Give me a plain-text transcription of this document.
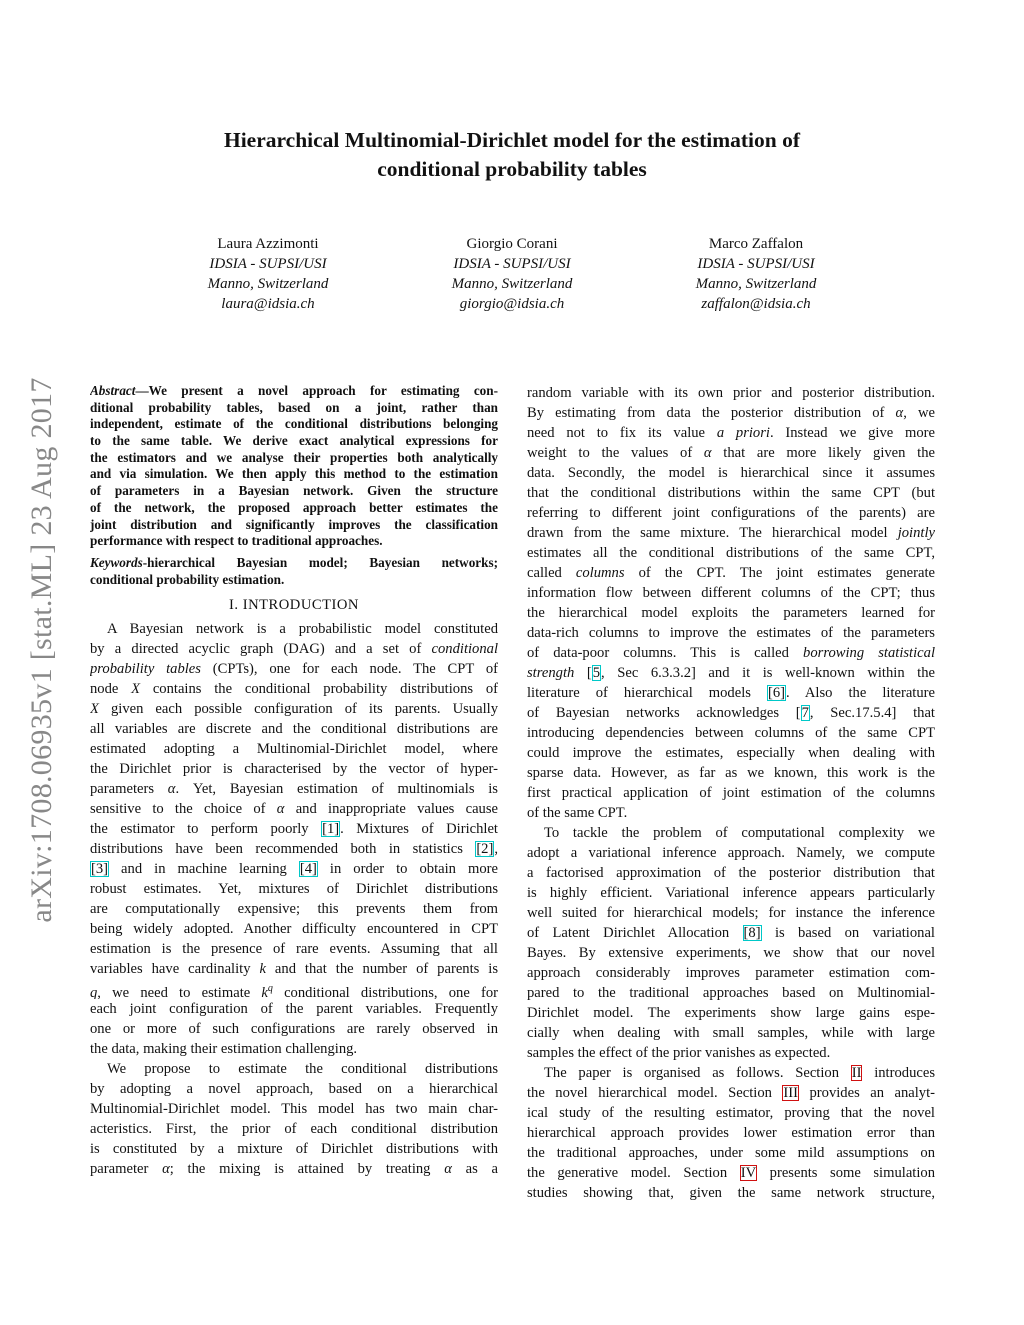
arXiv:1708.06935v1 [stat.ML] 23 Aug 2017
Hierarchical Multinomial-Dirichlet model for the estimation of
conditional probability tables
Laura Azzimonti
IDSIA - SUPSI/USI
Manno, Switzerland
laura@idsia.ch
Giorgio Corani
IDSIA - SUPSI/USI
Manno, Switzerland
giorgio@idsia.ch
Marco Zaffalon
IDSIA - SUPSI/USI
Manno, Switzerland
zaffalon@idsia.ch
Abstract—We present a novel approach for estimating con-
ditional probability tables, based on a joint, rather than
independent, estimate of the conditional distributions belonging
to the same table. We derive exact analytical expressions for
the estimators and we analyse their properties both analytically
and via simulation. We then apply this method to the estimation
of parameters in a Bayesian network. Given the structure
of the network, the proposed approach better estimates the
joint distribution and significantly improves the classification
performance with respect to traditional approaches.
Keywords-hierarchical Bayesian model; Bayesian networks;
conditional probability estimation.
I. INTRODUCTION
A Bayesian network is a probabilistic model constituted
by a directed acyclic graph (DAG) and a set of conditional
probability tables (CPTs), one for each node. The CPT of
node X contains the conditional probability distributions of
X given each possible configuration of its parents. Usually
all variables are discrete and the conditional distributions are
estimated adopting a Multinomial-Dirichlet model, where
the Dirichlet prior is characterised by the vector of hyper-
parameters α. Yet, Bayesian estimation of multinomials is
sensitive to the choice of α and inappropriate values cause
the estimator to perform poorly [1]. Mixtures of Dirichlet
distributions have been recommended both in statistics [2],
[3] and in machine learning [4] in order to obtain more
robust estimates. Yet, mixtures of Dirichlet distributions
are computationally expensive; this prevents them from
being widely adopted. Another difficulty encountered in CPT
estimation is the presence of rare events. Assuming that all
variables have cardinality k and that the number of parents is
q, we need to estimate $k^q$ conditional distributions, one for
each joint configuration of the parent variables. Frequently
one or more of such configurations are rarely observed in
the data, making their estimation challenging.
We propose to estimate the conditional distributions
by adopting a novel approach, based on a hierarchical
Multinomial-Dirichlet model. This model has two main char-
acteristics. First, the prior of each conditional distribution
is constituted by a mixture of Dirichlet distributions with
parameter α; the mixing is attained by treating α as a
random variable with its own prior and posterior distribution.
By estimating from data the posterior distribution of α, we
need not to fix its value a priori. Instead we give more
weight to the values of α that are more likely given the
data. Secondly, the model is hierarchical since it assumes
that the conditional distributions within the same CPT (but
referring to different joint configurations of the parents) are
drawn from the same mixture. The hierarchical model jointly
estimates all the conditional distributions of the same CPT,
called columns of the CPT. The joint estimates generate
information flow between different columns of the CPT; thus
the hierarchical model exploits the parameters learned for
data-rich columns to improve the estimates of the parameters
of data-poor columns. This is called borrowing statistical
strength [5, Sec 6.3.3.2] and it is well-known within the
literature of hierarchical models [6]. Also the literature
of Bayesian networks acknowledges [7, Sec.17.5.4] that
introducing dependencies between columns of the same CPT
could improve the estimates, especially when dealing with
sparse data. However, as far as we known, this work is the
first practical application of joint estimation of the columns
of the same CPT.
To tackle the problem of computational complexity we
adopt a variational inference approach. Namely, we compute
a factorised approximation of the posterior distribution that
is highly efficient. Variational inference appears particularly
well suited for hierarchical models; for instance the inference
of Latent Dirichlet Allocation [8] is based on variational
Bayes. By extensive experiments, we show that our novel
approach considerably improves parameter estimation com-
pared to the traditional approaches based on Multinomial-
Dirichlet model. The experiments show large gains espe-
cially when dealing with small samples, while with large
samples the effect of the prior vanishes as expected.
The paper is organised as follows. Section II introduces
the novel hierarchical model. Section III provides an analyt-
ical study of the resulting estimator, proving that the novel
hierarchical approach provides lower estimation error than
the traditional approaches, under some mild assumptions on
the generative model. Section IV presents some simulation
studies showing that, given the same network structure,
